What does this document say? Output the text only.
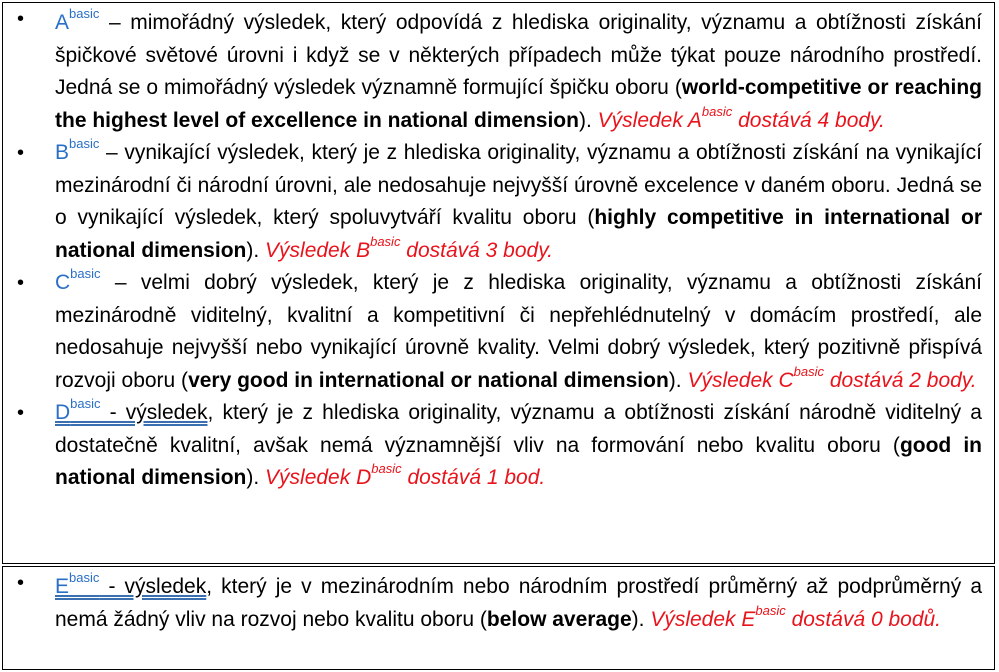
• $A^{basic}$ – mimořádný výsledek, který odpovídá z hlediska originality, významu a obtížnosti získání špičkové světové úrovni i když se v některých případech může týkat pouze národního prostředí. Jedná se o mimořádný výsledek významně formující špičku oboru (world-competitive or reaching the highest level of excellence in national dimension). Výsledek $A^{basic}$ dostává 4 body.
• $B^{basic}$ – vynikající výsledek, který je z hlediska originality, významu a obtížnosti získání na vynikající mezinárodní či národní úrovni, ale nedosahuje nejvyšší úrovně excelence v daném oboru. Jedná se o vynikající výsledek, který spoluvytváří kvalitu oboru (highly competitive in international or national dimension). Výsledek $B^{basic}$ dostává 3 body.
• $C^{basic}$ – velmi dobrý výsledek, který je z hlediska originality, významu a obtížnosti získání mezinárodně viditelný, kvalitní a kompetitivní či nepřehlédnutelný v domácím prostředí, ale nedosahuje nejvyšší nebo vynikající úrovně kvality. Velmi dobrý výsledek, který pozitivně přispívá rozvoji oboru (very good in international or national dimension). Výsledek $C^{basic}$ dostává 2 body.
• $D^{basic}$ - výsledek, který je z hlediska originality, významu a obtížnosti získání národně viditelný a dostatečně kvalitní, avšak nemá významnější vliv na formování nebo kvalitu oboru (good in national dimension). Výsledek $D^{basic}$ dostává 1 bod.
• $E^{basic}$ - výsledek, který je v mezinárodním nebo národním prostředí průměrný až podprůměrný a nemá žádný vliv na rozvoj nebo kvalitu oboru (below average). Výsledek $E^{basic}$ dostává 0 bodů.
